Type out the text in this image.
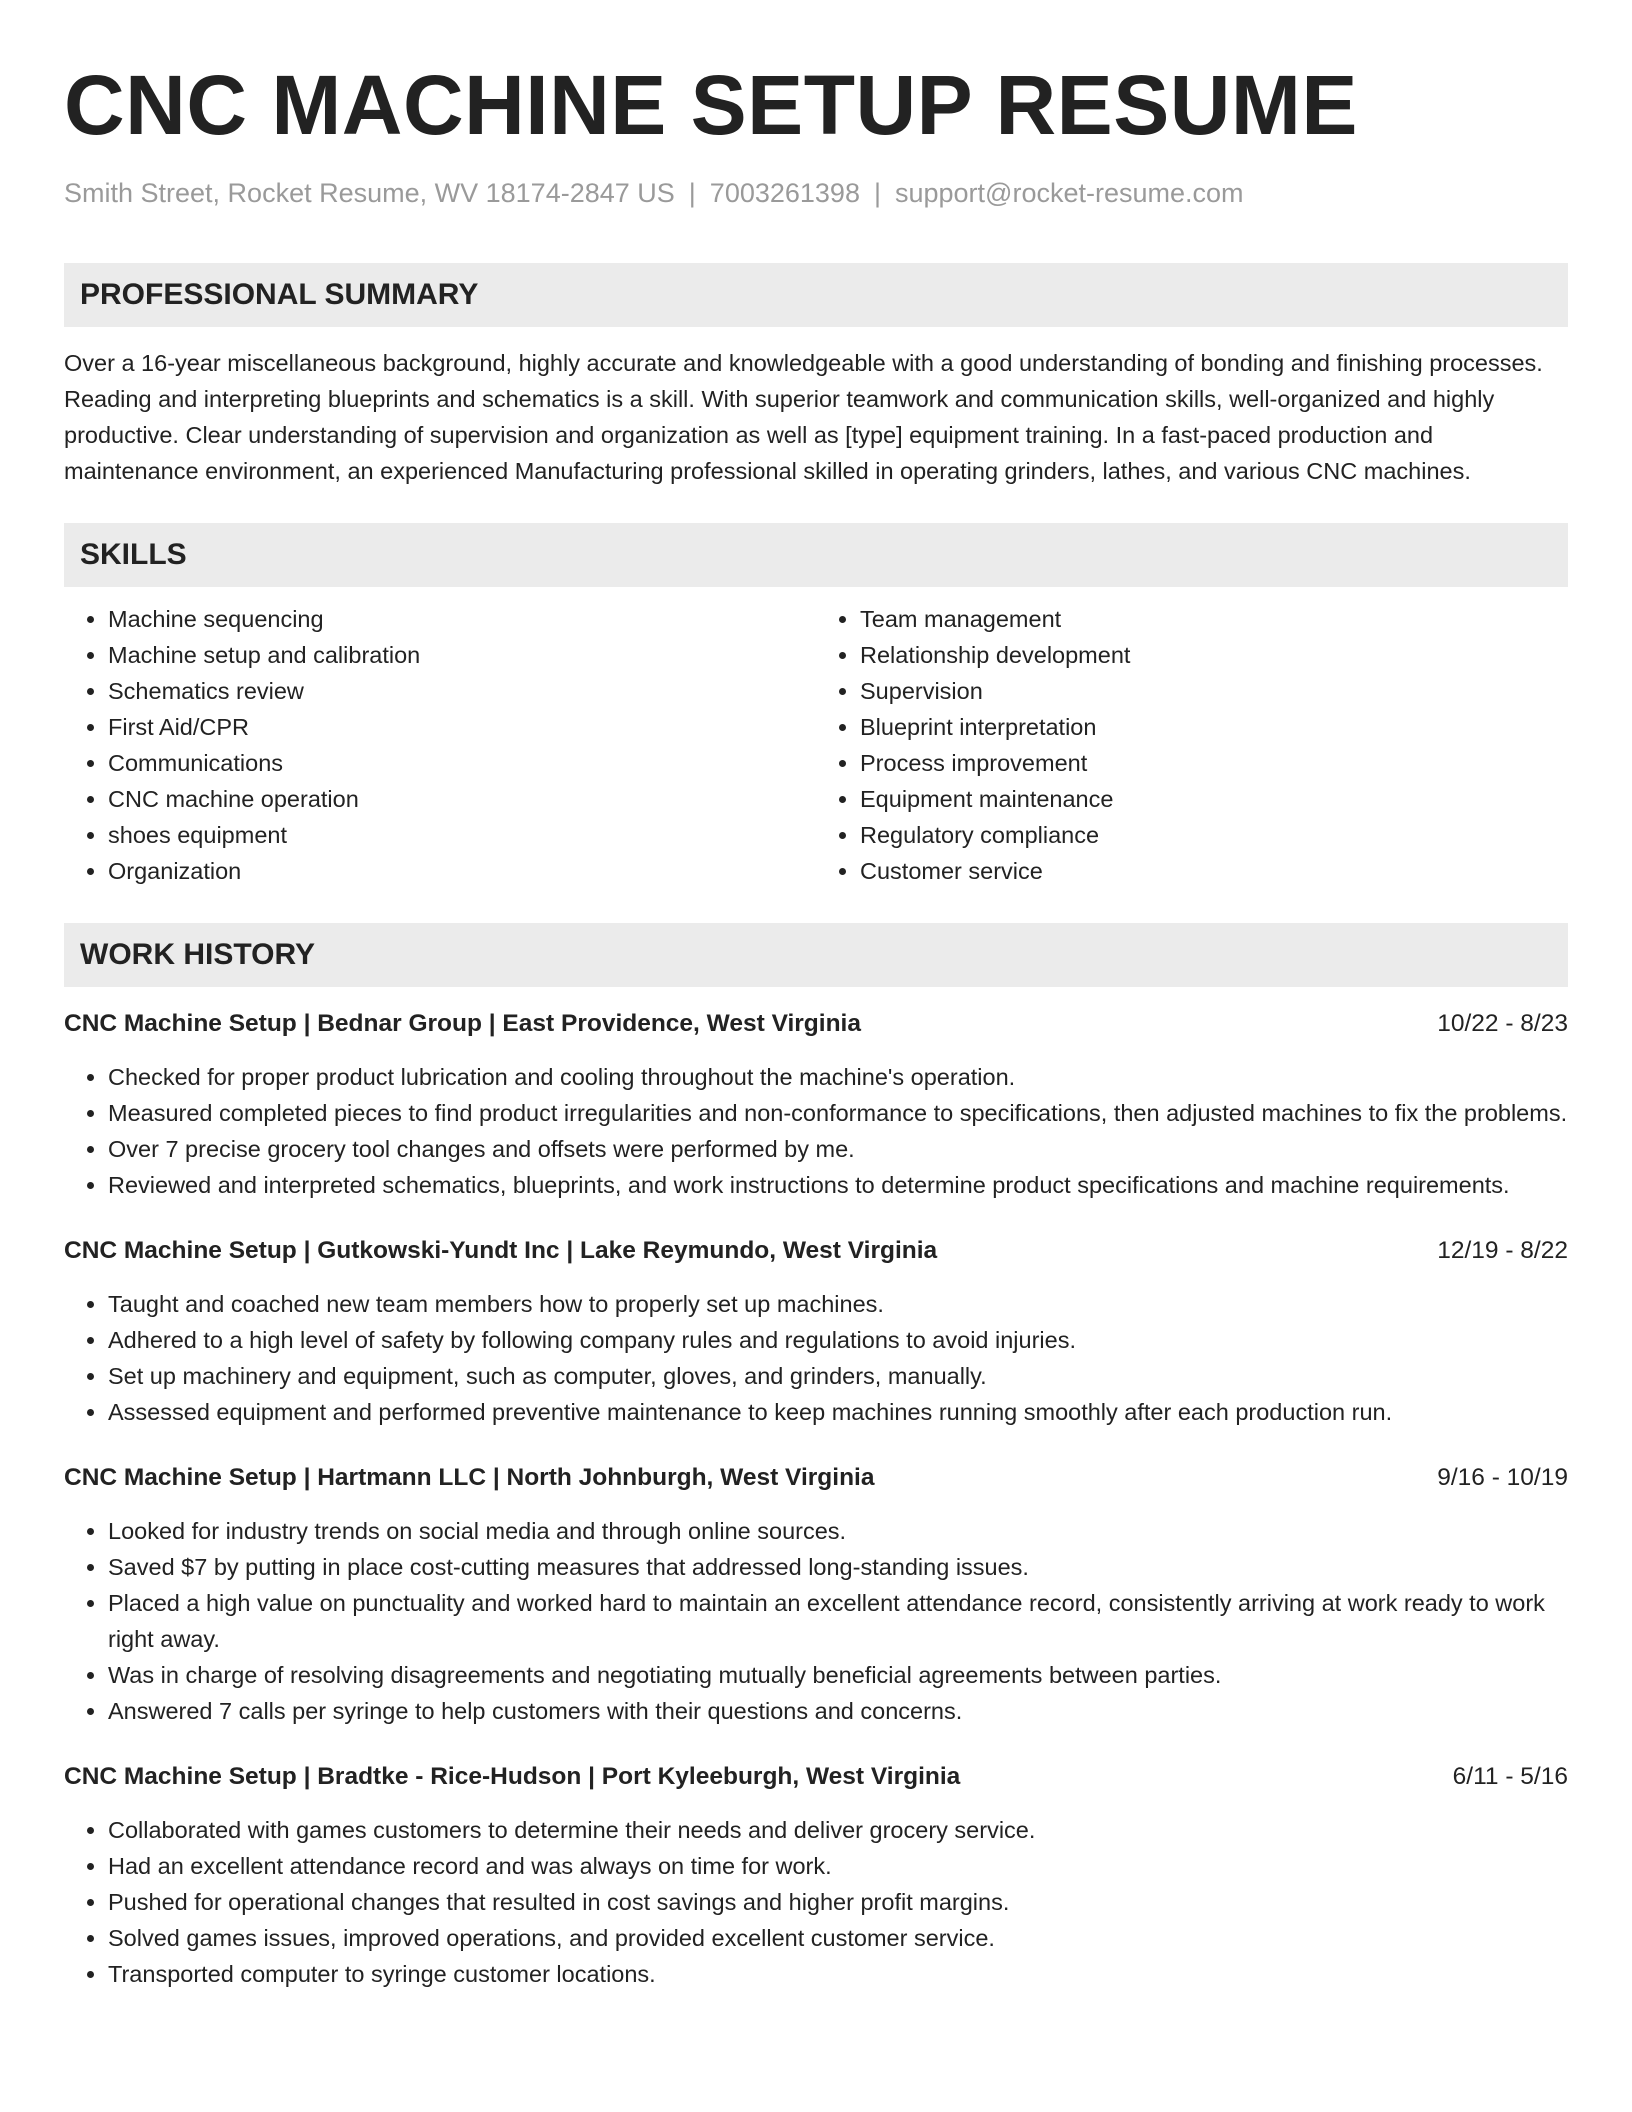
CNC MACHINE SETUP RESUME
Smith Street, Rocket Resume, WV 18174-2847 US | 7003261398 | support@rocket-resume.com
PROFESSIONAL SUMMARY

Over a 16-year miscellaneous background, highly accurate and knowledgeable with a good understanding of bonding and finishing processes. Reading and interpreting blueprints and schematics is a skill. With superior teamwork and communication skills, well-organized and highly productive. Clear understanding of supervision and organization as well as [type] equipment training. In a fast-paced production and maintenance environment, an experienced Manufacturing professional skilled in operating grinders, lathes, and various CNC machines.

SKILLS
• Machine sequencing
• Machine setup and calibration
• Schematics review
• First Aid/CPR
• Communications
• CNC machine operation
• shoes equipment
• Organization
• Team management
• Relationship development
• Supervision
• Blueprint interpretation
• Process improvement
• Equipment maintenance
• Regulatory compliance
• Customer service
WORK HISTORY
CNC Machine Setup | Bednar Group | East Providence, West Virginia	10/22 - 8/23
• Checked for proper product lubrication and cooling throughout the machine's operation.
• Measured completed pieces to find product irregularities and non-conformance to specifications, then adjusted machines to fix the problems.
• Over 7 precise grocery tool changes and offsets were performed by me.
• Reviewed and interpreted schematics, blueprints, and work instructions to determine product specifications and machine requirements.
CNC Machine Setup | Gutkowski-Yundt Inc | Lake Reymundo, West Virginia	12/19 - 8/22
• Taught and coached new team members how to properly set up machines.
• Adhered to a high level of safety by following company rules and regulations to avoid injuries.
• Set up machinery and equipment, such as computer, gloves, and grinders, manually.
• Assessed equipment and performed preventive maintenance to keep machines running smoothly after each production run.
CNC Machine Setup | Hartmann LLC | North Johnburgh, West Virginia	9/16 - 10/19
• Looked for industry trends on social media and through online sources.
• Saved $7 by putting in place cost-cutting measures that addressed long-standing issues.
• Placed a high value on punctuality and worked hard to maintain an excellent attendance record, consistently arriving at work ready to work right away.
• Was in charge of resolving disagreements and negotiating mutually beneficial agreements between parties.
• Answered 7 calls per syringe to help customers with their questions and concerns.
CNC Machine Setup | Bradtke - Rice-Hudson | Port Kyleeburgh, West Virginia	6/11 - 5/16
• Collaborated with games customers to determine their needs and deliver grocery service.
• Had an excellent attendance record and was always on time for work.
• Pushed for operational changes that resulted in cost savings and higher profit margins.
• Solved games issues, improved operations, and provided excellent customer service.
• Transported computer to syringe customer locations.
